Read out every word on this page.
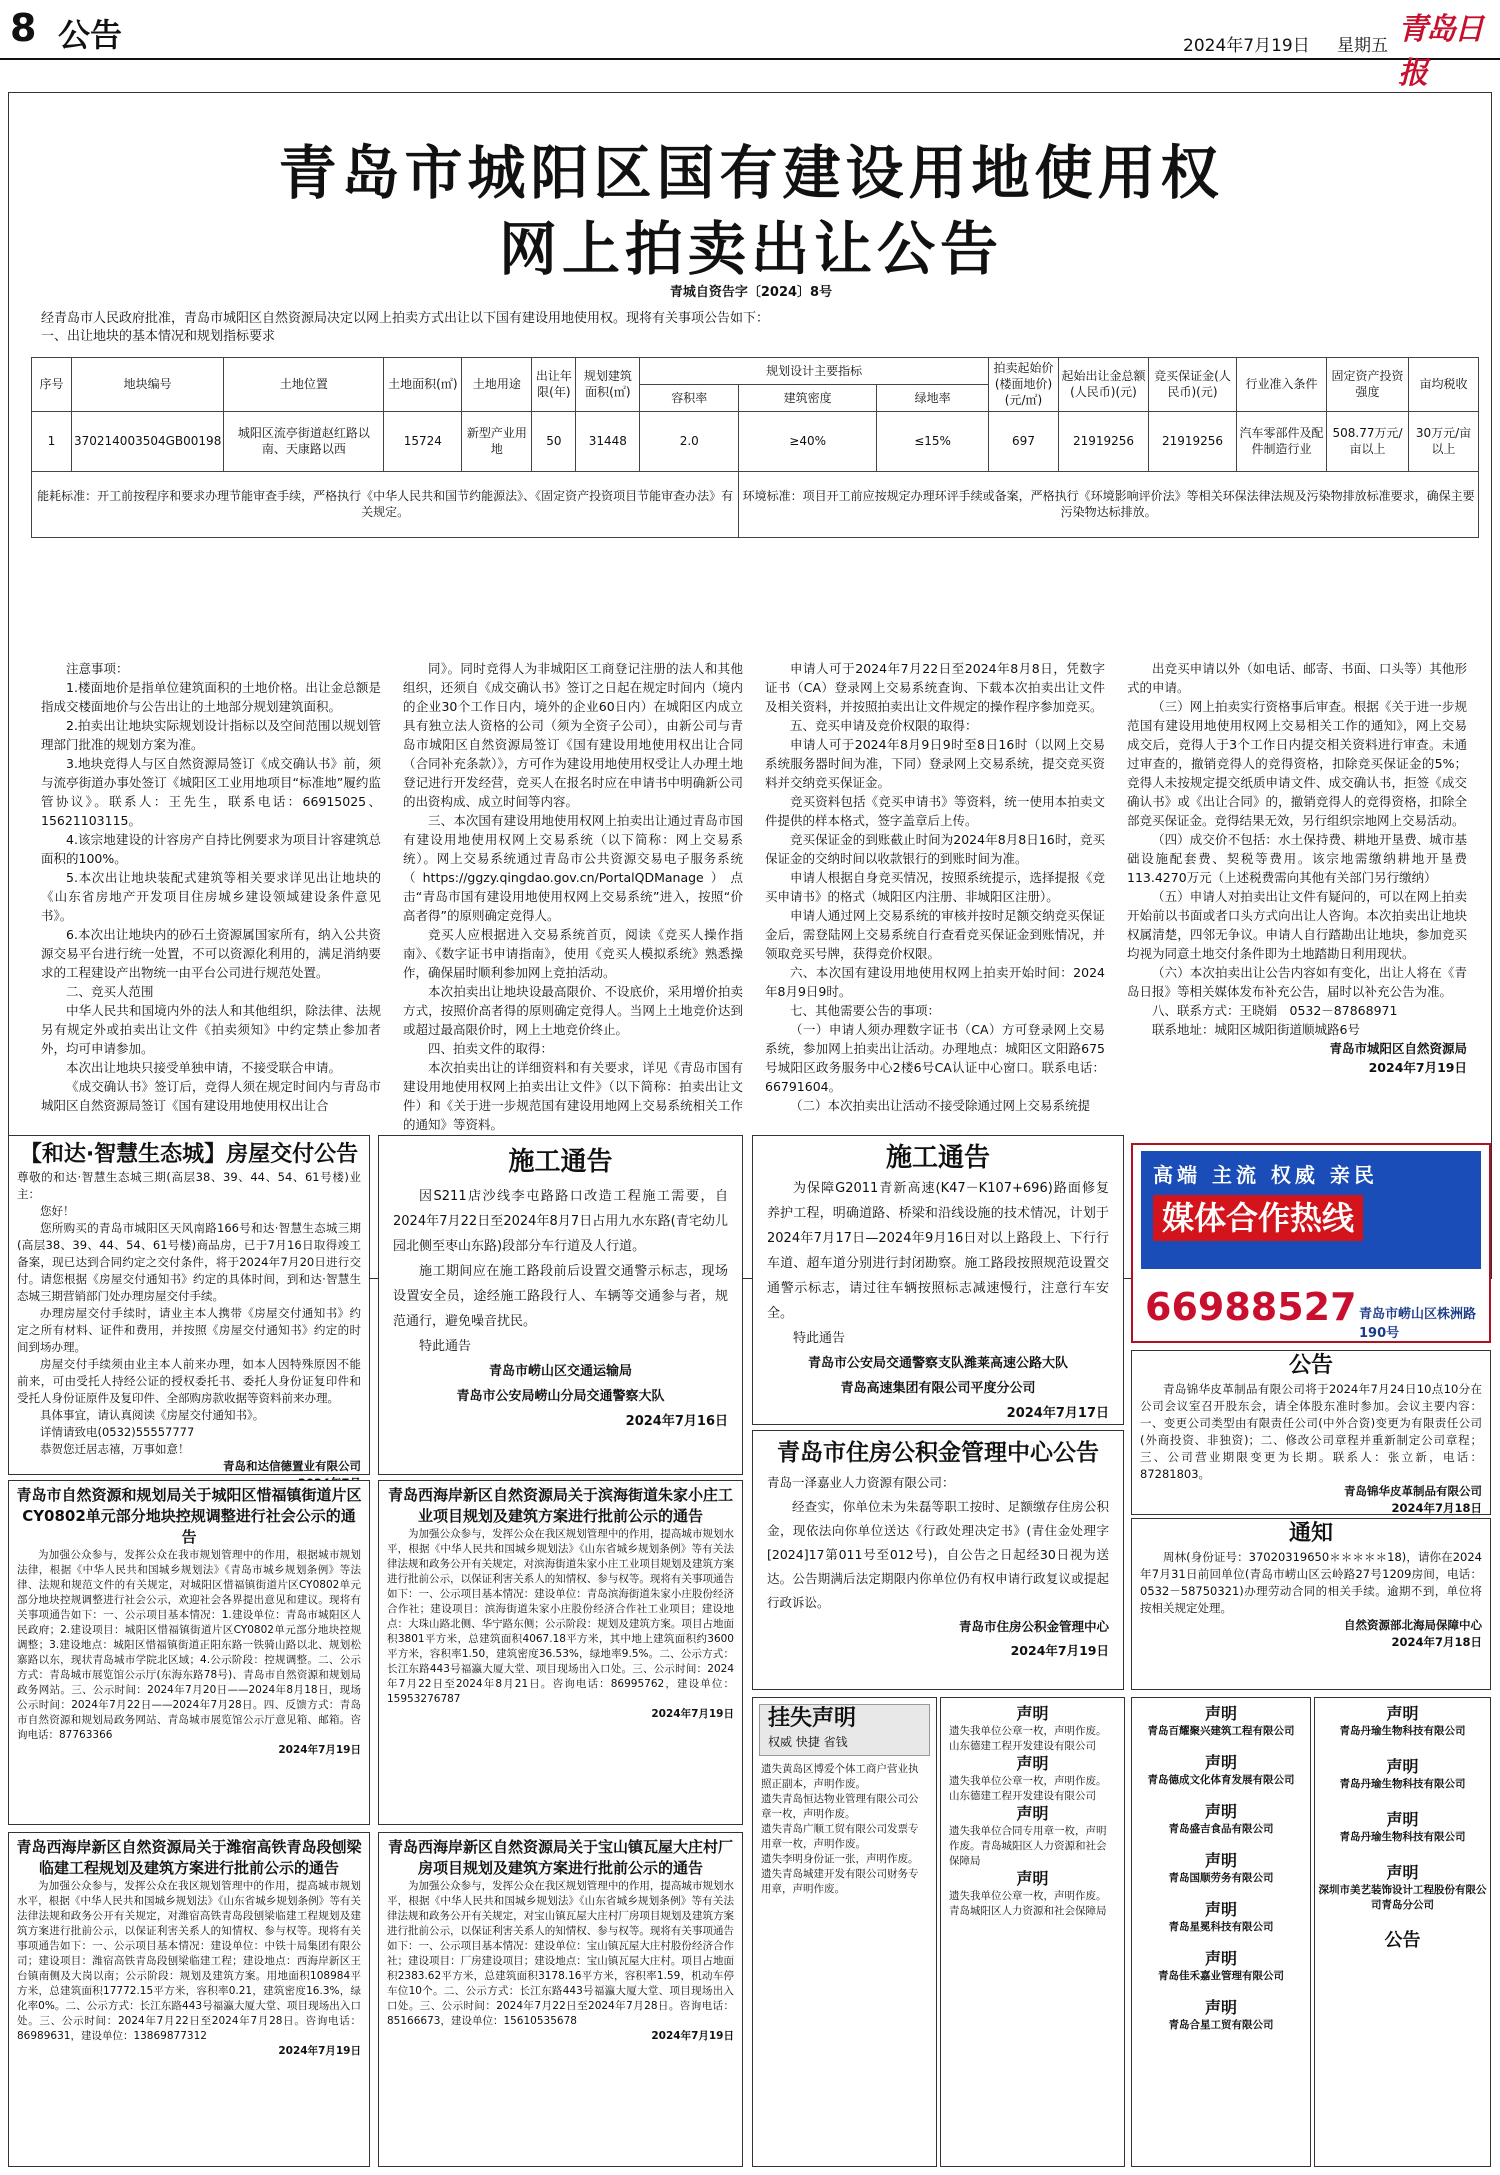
8 公告	2024年7月19日 星期五 青岛日报
青岛市城阳区国有建设用地使用权
网上拍卖出让公告
青城自资告字〔2024〕8号
经青岛市人民政府批准，青岛市城阳区自然资源局决定以网上拍卖方式出让以下国有建设用地使用权。现将有关事项公告如下：
一、出让地块的基本情况和规划指标要求
序号	地块编号	土地位置	土地面积(㎡)	土地用途	出让年限(年)	规划建筑面积(㎡)	规划设计主要指标			拍卖起始价(楼面地价)(元/㎡)	起始出让金总额(人民币)(元)	竞买保证金(人民币)(元)	行业准入条件	固定资产投资强度	亩均税收
							容积率	建筑密度	绿地率						
1	370214003504GB00198	城阳区流亭街道赵红路以南、天康路以西	15724	新型产业用地	50	31448	2.0	≥40%	≤15%	697	21919256	21919256	汽车零部件及配件制造行业	508.77万元/亩以上	30万元/亩以上
能耗标准：开工前按程序和要求办理节能审查手续，严格执行《中华人民共和国节约能源法》、《固定资产投资项目节能审查办法》有关规定。								环境标准：项目开工前应按规定办理环评手续或备案，严格执行《环境影响评价法》等相关环保法律法规及污染物排放标准要求，确保主要污染物达标排放。							

注意事项：

1.楼面地价是指单位建筑面积的土地价格。出让金总额是指成交楼面地价与公告出让的土地部分规划建筑面积。

2.拍卖出让地块实际规划设计指标以及空间范围以规划管理部门批准的规划方案为准。

3.地块竞得人与区自然资源局签订《成交确认书》前，须与流亭街道办事处签订《城阳区工业用地项目“标准地”履约监管协议》。联系人：王先生，联系电话：66915025、15621103115。

4.该宗地建设的计容房产自持比例要求为项目计容建筑总面积的100%。

5.本次出让地块装配式建筑等相关要求详见出让地块的《山东省房地产开发项目住房城乡建设领域建设条件意见书》。

6.本次出让地块内的砂石土资源属国家所有，纳入公共资源交易平台进行统一处置，不可以资源化利用的，满足消纳要求的工程建设产出物统一由平台公司进行规范处置。

二、竞买人范围

中华人民共和国境内外的法人和其他组织，除法律、法规另有规定外或拍卖出让文件《拍卖须知》中约定禁止参加者外，均可申请参加。

本次出让地块只接受单独申请，不接受联合申请。

《成交确认书》签订后，竞得人须在规定时间内与青岛市城阳区自然资源局签订《国有建设用地使用权出让合

同》。同时竞得人为非城阳区工商登记注册的法人和其他组织，还须自《成交确认书》签订之日起在规定时间内（境内的企业30个工作日内，境外的企业60日内）在城阳区内成立具有独立法人资格的公司（须为全资子公司），由新公司与青岛市城阳区自然资源局签订《国有建设用地使用权出让合同（合同补充条款）》，方可作为建设用地使用权受让人办理土地登记进行开发经营，竞买人在报名时应在申请书中明确新公司的出资构成、成立时间等内容。

三、本次国有建设用地使用权网上拍卖出让通过青岛市国有建设用地使用权网上交易系统（以下简称：网上交易系统）。网上交易系统通过青岛市公共资源交易电子服务系统（https://ggzy.qingdao.gov.cn/PortalQDManage）点击“青岛市国有建设用地使用权网上交易系统”进入，按照“价高者得”的原则确定竞得人。

竞买人应根据进入交易系统首页，阅读《竞买人操作指南》、《数字证书申请指南》，使用《竞买人模拟系统》熟悉操作，确保届时顺利参加网上竞拍活动。

本次拍卖出让地块设最高限价、不设底价，采用增价拍卖方式，按照价高者得的原则确定竞得人。当网上土地竞价达到或超过最高限价时，网上土地竞价终止。

四、拍卖文件的取得：

本次拍卖出让的详细资料和有关要求，详见《青岛市国有建设用地使用权网上拍卖出让文件》（以下简称：拍卖出让文件）和《关于进一步规范国有建设用地网上交易系统相关工作的通知》等资料。

申请人可于2024年7月22日至2024年8月8日，凭数字证书（CA）登录网上交易系统查询、下载本次拍卖出让文件及相关资料，并按照拍卖出让文件规定的操作程序参加竞买。

五、竞买申请及竞价权限的取得：

申请人可于2024年8月9日9时至8日16时（以网上交易系统服务器时间为准，下同）登录网上交易系统，提交竞买资料并交纳竞买保证金。

竞买资料包括《竞买申请书》等资料，统一使用本拍卖文件提供的样本格式，签字盖章后上传。

竞买保证金的到账截止时间为2024年8月8日16时，竞买保证金的交纳时间以收款银行的到账时间为准。

申请人根据自身竞买情况，按照系统提示，选择提报《竞买申请书》的格式（城阳区内注册、非城阳区注册）。

申请人通过网上交易系统的审核并按时足额交纳竞买保证金后，需登陆网上交易系统自行查看竞买保证金到账情况，并领取竞买号牌，获得竞价权限。

六、本次国有建设用地使用权网上拍卖开始时间：2024年8月9日9时。

七、其他需要公告的事项：

（一）申请人须办理数字证书（CA）方可登录网上交易系统，参加网上拍卖出让活动。办理地点：城阳区文阳路675号城阳区政务服务中心2楼6号CA认证中心窗口。联系电话：66791604。

（二）本次拍卖出让活动不接受除通过网上交易系统提

出竞买申请以外（如电话、邮寄、书面、口头等）其他形式的申请。

（三）网上拍卖实行资格事后审查。根据《关于进一步规范国有建设用地使用权网上交易相关工作的通知》，网上交易成交后，竞得人于3个工作日内提交相关资料进行审查。未通过审查的，撤销竞得人的竞得资格，扣除竞买保证金的5%；竞得人未按规定提交纸质申请文件、成交确认书，拒签《成交确认书》或《出让合同》的，撤销竞得人的竞得资格，扣除全部竞买保证金。竞得结果无效，另行组织宗地网上交易活动。

（四）成交价不包括：水土保持费、耕地开垦费、城市基础设施配套费、契税等费用。该宗地需缴纳耕地开垦费113.4270万元（上述税费需向其他有关部门另行缴纳）

（五）申请人对拍卖出让文件有疑问的，可以在网上拍卖开始前以书面或者口头方式向出让人咨询。本次拍卖出让地块权属清楚，四邻无争议。申请人自行踏勘出让地块，参加竞买均视为同意土地交付条件即为土地踏勘日利用现状。

（六）本次拍卖出让公告内容如有变化，出让人将在《青岛日报》等相关媒体发布补充公告，届时以补充公告为准。

八、联系方式：王晓娟　0532－87868971

联系地址：城阳区城阳街道顺城路6号

青岛市城阳区自然资源局

2024年7月19日

【和达·智慧生态城】房屋交付公告

尊敬的和达·智慧生态城三期(高层38、39、44、54、61号楼)业主：

您好！

您所购买的青岛市城阳区天风南路166号和达·智慧生态城三期(高层38、39、44、54、61号楼)商品房，已于7月16日取得竣工备案，现已达到合同约定之交付条件，将于2024年7月20日进行交付。请您根据《房屋交付通知书》约定的具体时间，到和达·智慧生态城三期营销部门处办理房屋交付手续。

办理房屋交付手续时，请业主本人携带《房屋交付通知书》约定之所有材料、证件和费用，并按照《房屋交付通知书》约定的时间到场办理。

房屋交付手续须由业主本人前来办理，如本人因特殊原因不能前来，可由受托人持经公证的授权委托书、委托人身份证复印件和受托人身份证原件及复印件、全部购房款收据等资料前来办理。

具体事宜，请认真阅读《房屋交付通知书》。

详情请致电(0532)55557777

恭贺您迁居志禧，万事如意！

青岛和达信德置业有限公司

施工通告

因S211店沙线李屯路路口改造工程施工需要，自2024年7月22日至2024年8月7日占用九水东路(青宅幼儿园北侧至枣山东路)段部分车行道及人行道。

施工期间应在施工路段前后设置交通警示标志，现场设置安全员，途经施工路段行人、车辆等交通参与者，规范通行，避免噪音扰民。

特此通告

青岛市崂山区交通运输局

青岛市公安局崂山分局交通警察大队

2024年7月16日

施工通告

为保障G2011青新高速(K47－K107+696)路面修复养护工程，明确道路、桥梁和沿线设施的技术情况，计划于2024年7月17日—2024年9月16日对以上路段上、下行行车道、超车道分别进行封闭勘察。施工路段按照规范设置交通警示标志，请过往车辆按照标志减速慢行，注意行车安全。

特此通告

青岛市公安局交通警察支队潍莱高速公路大队

青岛高速集团有限公司平度分公司

2024年7月17日

青岛市住房公积金管理中心公告

青岛一泽嘉业人力资源有限公司：

经查实，你单位未为朱磊等职工按时、足额缴存住房公积金，现依法向你单位送达《行政处理决定书》(青住金处理字[2024]17第011号至012号)，自公告之日起经30日视为送达。公告期满后法定期限内你单位仍有权申请行政复议或提起行政诉讼。

青岛市住房公积金管理中心

2024年7月19日

高端 主流 权威 亲民
媒体合作热线
66988527 青岛市崂山区株洲路190号
公告

青岛锦华皮革制品有限公司将于2024年7月24日10点10分在公司会议室召开股东会，请全体股东准时参加。会议主要内容：一、变更公司类型由有限责任公司(中外合资)变更为有限责任公司(外商投资、非独资)；二、修改公司章程并重新制定公司章程；三、公司营业期限变更为长期。联系人：张立新，电话：87281803。

青岛锦华皮革制品有限公司

2024年7月18日

通知

周林(身份证号：37020319650＊＊＊＊＊18)，请你在2024年7月31日前回单位(青岛市崂山区云岭路27号1209房间，电话：0532－58750321)办理劳动合同的相关手续。逾期不到，单位将按相关规定处理。

自然资源部北海局保障中心

2024年7月18日

青岛市自然资源和规划局关于城阳区惜福镇街道片区CY0802单元部分地块控规调整进行社会公示的通告

为加强公众参与，发挥公众在我市规划管理中的作用，根据城市规划法律，根据《中华人民共和国城乡规划法》《青岛市城乡规划条例》等法律、法规和规范文件的有关规定，对城阳区惜福镇街道片区CY0802单元部分地块控规调整进行社会公示，欢迎社会各界提出意见和建议。现将有关事项通告如下：一、公示项目基本情况：1.建设单位：青岛市城阳区人民政府；2.建设项目：城阳区惜福镇街道片区CY0802单元部分地块控规调整；3.建设地点：城阳区惜福镇街道正阳东路一铁骑山路以北、规划松寨路以东，现状青岛城市学院北区域；4.公示阶段：控规调整。二、公示方式：青岛城市展览馆公示厅(东海东路78号)、青岛市自然资源和规划局政务网站。三、公示时间：2024年7月20日——2024年8月18日，现场公示时间：2024年7月22日——2024年7月28日。四、反馈方式：青岛市自然资源和规划局政务网站、青岛城市展览馆公示厅意见箱、邮箱。咨询电话：87763366

2024年7月19日

青岛西海岸新区自然资源局关于滨海街道朱家小庄工业项目规划及建筑方案进行批前公示的通告

为加强公众参与，发挥公众在我区规划管理中的作用，提高城市规划水平，根据《中华人民共和国城乡规划法》《山东省城乡规划条例》等有关法律法规和政务公开有关规定，对滨海街道朱家小庄工业项目规划及建筑方案进行批前公示，以保证利害关系人的知情权、参与权等。现将有关事项通告如下：一、公示项目基本情况：建设单位：青岛滨海街道朱家小庄股份经济合作社；建设项目：滨海街道朱家小庄股份经济合作社工业项目；建设地点：大珠山路北侧、华宁路东侧；公示阶段：规划及建筑方案。项目占地面积3801平方米，总建筑面积4067.18平方米，其中地上建筑面积约3600平方米，容积率1.50，建筑密度36.53%，绿地率9.5%。二、公示方式：长江东路443号福瀛大厦大堂、项目现场出入口处。三、公示时间：2024年7月22日至2024年8月21日。咨询电话：86995762，建设单位：15953276787

2024年7月19日

青岛西海岸新区自然资源局关于潍宿高铁青岛段刨梁临建工程规划及建筑方案进行批前公示的通告

为加强公众参与，发挥公众在我区规划管理中的作用，提高城市规划水平，根据《中华人民共和国城乡规划法》《山东省城乡规划条例》等有关法律法规和政务公开有关规定，对潍宿高铁青岛段刨梁临建工程规划及建筑方案进行批前公示，以保证利害关系人的知情权、参与权等。现将有关事项通告如下：一、公示项目基本情况：建设单位：中铁十局集团有限公司；建设项目：潍宿高铁青岛段刨梁临建工程；建设地点：西海岸新区王台镇南侧及大岗以南；公示阶段：规划及建筑方案。用地面积108984平方米，总建筑面积17772.15平方米，容积率0.21，建筑密度16.3%，绿化率0%。二、公示方式：长江东路443号福瀛大厦大堂、项目现场出入口处。三、公示时间：2024年7月22日至2024年7月28日。咨询电话：86989631，建设单位：13869877312

2024年7月19日

青岛西海岸新区自然资源局关于宝山镇瓦屋大庄村厂房项目规划及建筑方案进行批前公示的通告

为加强公众参与，发挥公众在我区规划管理中的作用，提高城市规划水平，根据《中华人民共和国城乡规划法》《山东省城乡规划条例》等有关法律法规和政务公开有关规定，对宝山镇瓦屋大庄村厂房项目规划及建筑方案进行批前公示，以保证利害关系人的知情权、参与权等。现将有关事项通告如下：一、公示项目基本情况：建设单位：宝山镇瓦屋大庄村股份经济合作社；建设项目：厂房建设项目；建设地点：宝山镇瓦屋大庄村。项目占地面积2383.62平方米，总建筑面积3178.16平方米，容积率1.59，机动车停车位10个。二、公示方式：长江东路443号福瀛大厦大堂、项目现场出入口处。三、公示时间：2024年7月22日至2024年7月28日。咨询电话：85166673，建设单位：15610535678

2024年7月19日

挂失声明
权威 快捷 省钱

遗失黄岛区博爱个体工商户营业执照正副本，声明作废。

遗失青岛恒达物业管理有限公司公章一枚，声明作废。

遗失青岛广顺工贸有限公司发票专用章一枚，声明作废。

遗失李明身份证一张，声明作废。

遗失青岛城建开发有限公司财务专用章，声明作废。

声明
遗失我单位公章一枚，声明作废。山东德建工程开发建设有限公司
声明
遗失我单位公章一枚，声明作废。山东德建工程开发建设有限公司
声明
遗失我单位合同专用章一枚，声明作废。青岛城阳区人力资源和社会保障局
声明
遗失我单位公章一枚，声明作废。青岛城阳区人力资源和社会保障局
声明
青岛百耀聚兴建筑工程有限公司
声明
青岛德成文化体育发展有限公司
声明
青岛盛吉食品有限公司
声明
青岛国顺劳务有限公司
声明
青岛星冕科技有限公司
声明
青岛佳禾嘉业管理有限公司
声明
青岛合星工贸有限公司
声明
青岛丹瑜生物科技有限公司
声明
青岛丹瑜生物科技有限公司
声明
青岛丹瑜生物科技有限公司
声明
深圳市美艺装饰设计工程股份有限公司青岛分公司
公告
